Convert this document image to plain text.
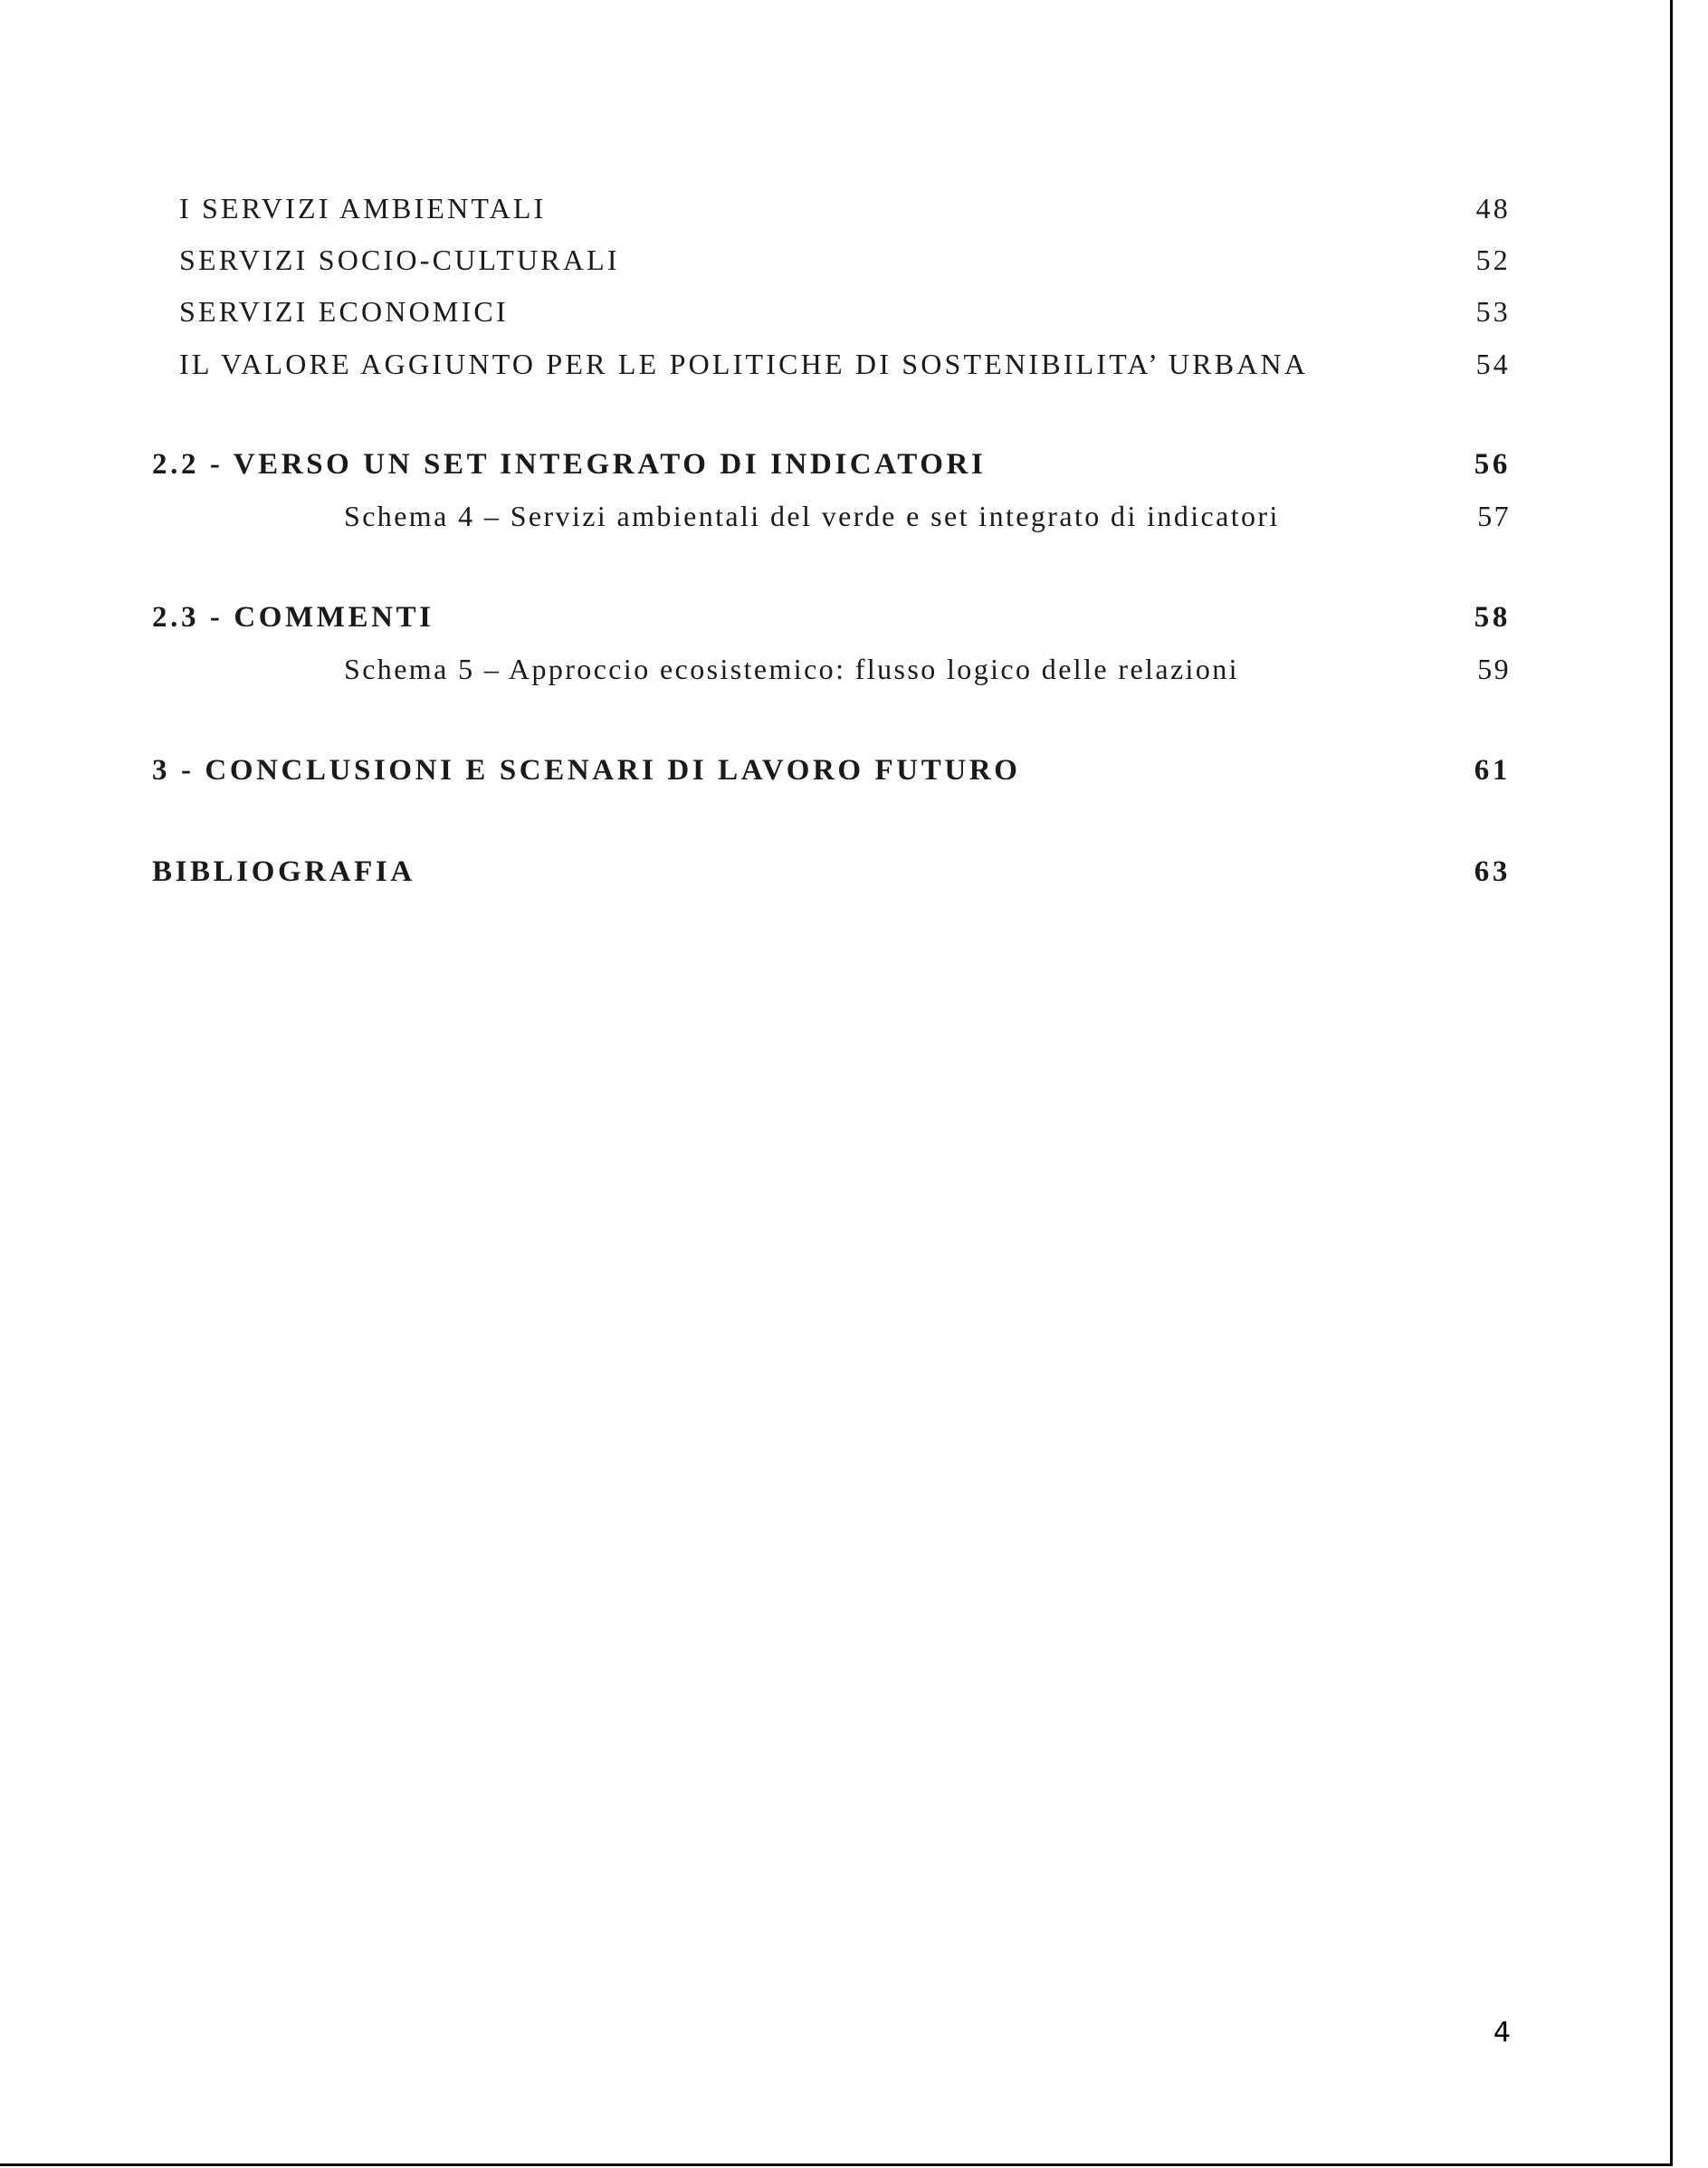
I SERVIZI AMBIENTALI	48
SERVIZI SOCIO-CULTURALI	52
SERVIZI ECONOMICI	53
IL VALORE AGGIUNTO PER LE POLITICHE DI SOSTENIBILITA’ URBANA	54
2.2 - VERSO UN SET INTEGRATO DI INDICATORI	56
Schema 4 – Servizi ambientali del verde e set integrato di indicatori	57
2.3 - COMMENTI	58
Schema 5 – Approccio ecosistemico: flusso logico delle relazioni	59
3 - CONCLUSIONI E SCENARI DI LAVORO FUTURO	61
BIBLIOGRAFIA	63
4
